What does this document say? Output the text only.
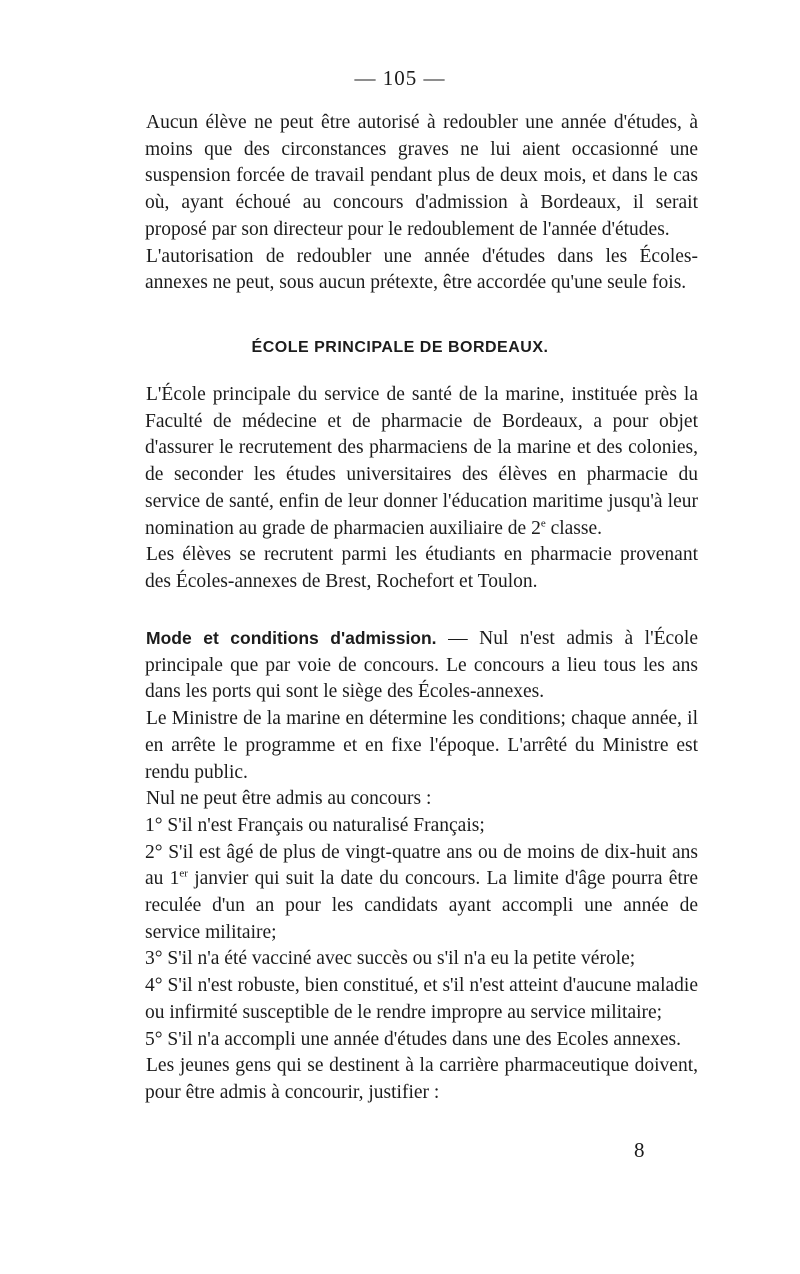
— 105 —

Aucun élève ne peut être autorisé à redoubler une année d'études, à moins que des circonstances graves ne lui aient occasionné une suspension forcée de travail pendant plus de deux mois, et dans le cas où, ayant échoué au concours d'admission à Bordeaux, il serait proposé par son directeur pour le redoublement de l'année d'études.

L'autorisation de redoubler une année d'études dans les Écoles-annexes ne peut, sous aucun prétexte, être accordée qu'une seule fois.

ÉCOLE PRINCIPALE DE BORDEAUX.

L'École principale du service de santé de la marine, instituée près la Faculté de médecine et de pharmacie de Bordeaux, a pour objet d'assurer le recrutement des pharmaciens de la marine et des colonies, de seconder les études universitaires des élèves en pharmacie du service de santé, enfin de leur donner l'éducation maritime jusqu'à leur nomination au grade de pharmacien auxiliaire de 2e classe.

Les élèves se recrutent parmi les étudiants en pharmacie provenant des Écoles-annexes de Brest, Rochefort et Toulon.

Mode et conditions d'admission. — Nul n'est admis à l'École principale que par voie de concours. Le concours a lieu tous les ans dans les ports qui sont le siège des Écoles-annexes.

Le Ministre de la marine en détermine les conditions; chaque année, il en arrête le programme et en fixe l'époque. L'arrêté du Ministre est rendu public.

Nul ne peut être admis au concours :

1° S'il n'est Français ou naturalisé Français;

2° S'il est âgé de plus de vingt-quatre ans ou de moins de dix-huit ans au 1er janvier qui suit la date du concours. La limite d'âge pourra être reculée d'un an pour les candidats ayant accompli une année de service militaire;

3° S'il n'a été vacciné avec succès ou s'il n'a eu la petite vérole;

4° S'il n'est robuste, bien constitué, et s'il n'est atteint d'aucune maladie ou infirmité susceptible de le rendre impropre au service militaire;

5° S'il n'a accompli une année d'études dans une des Ecoles annexes.

Les jeunes gens qui se destinent à la carrière pharmaceutique doivent, pour être admis à concourir, justifier :

8
